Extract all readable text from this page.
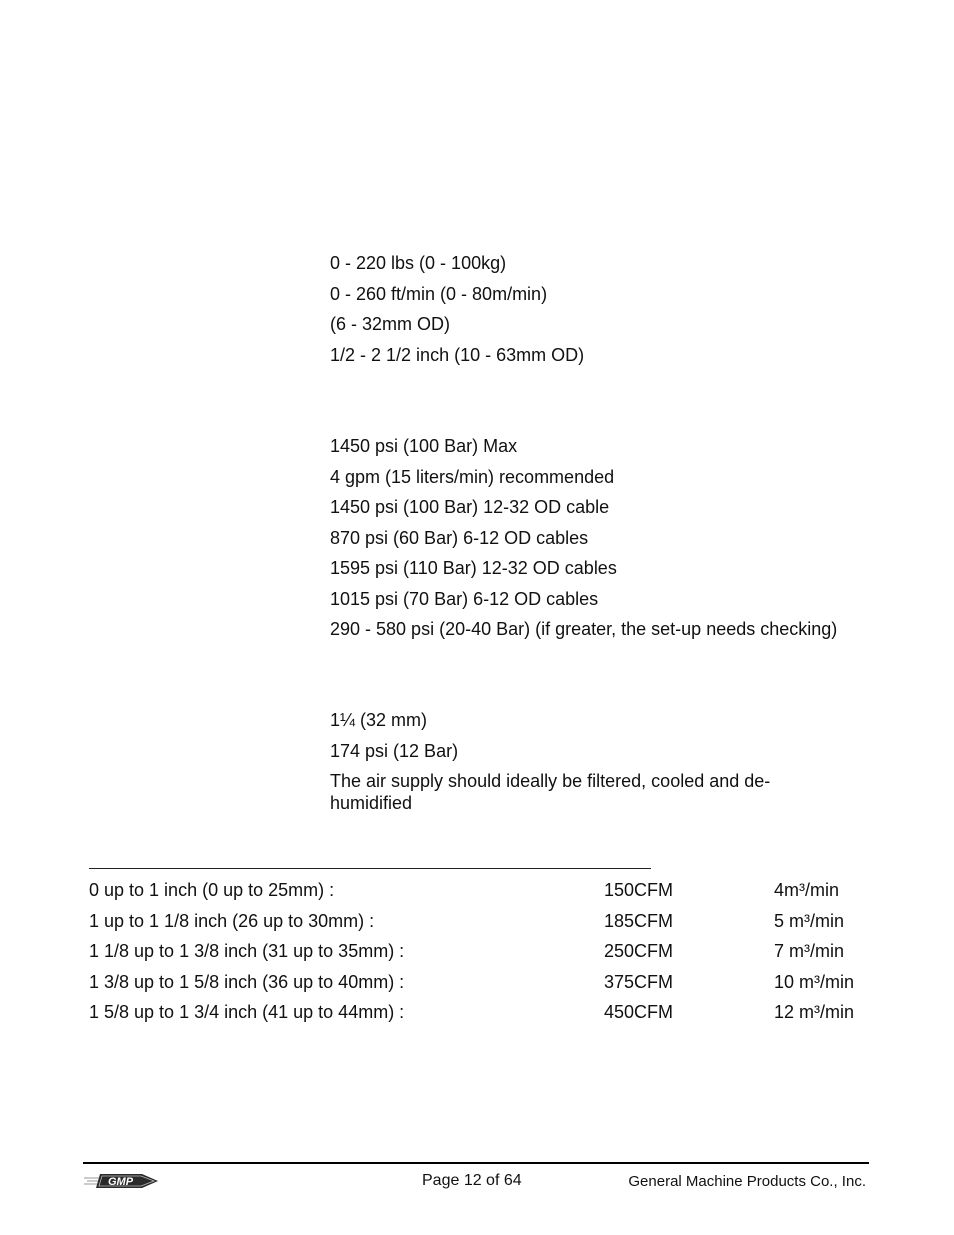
0 - 220 lbs (0 - 100kg)
0 - 260 ft/min (0 - 80m/min)
(6 - 32mm OD)
1/2 - 2 1/2 inch (10 - 63mm OD)
1450 psi (100 Bar) Max
4 gpm (15 liters/min) recommended
1450 psi (100 Bar) 12-32 OD cable
870 psi (60 Bar) 6-12 OD cables
1595 psi (110 Bar) 12-32 OD cables
1015 psi (70 Bar) 6-12 OD cables
290 - 580 psi (20-40 Bar) (if greater, the set-up needs checking)
1¼ (32 mm)
174 psi (12 Bar)
The air supply should ideally be filtered, cooled and de-humidified
0 up to 1 inch (0 up to 25mm) :	150CFM	4m³/min
1 up to 1 1/8 inch (26 up to 30mm) :	185CFM	5 m³/min
1 1/8 up to 1 3/8 inch (31 up to 35mm) :	250CFM	7 m³/min
1 3/8 up to 1 5/8 inch (36 up to 40mm) :	375CFM	10 m³/min
1 5/8 up to 1 3/4 inch (41 up to 44mm) :	450CFM	12 m³/min
GMP	Page 12 of 64	General Machine Products Co., Inc.
